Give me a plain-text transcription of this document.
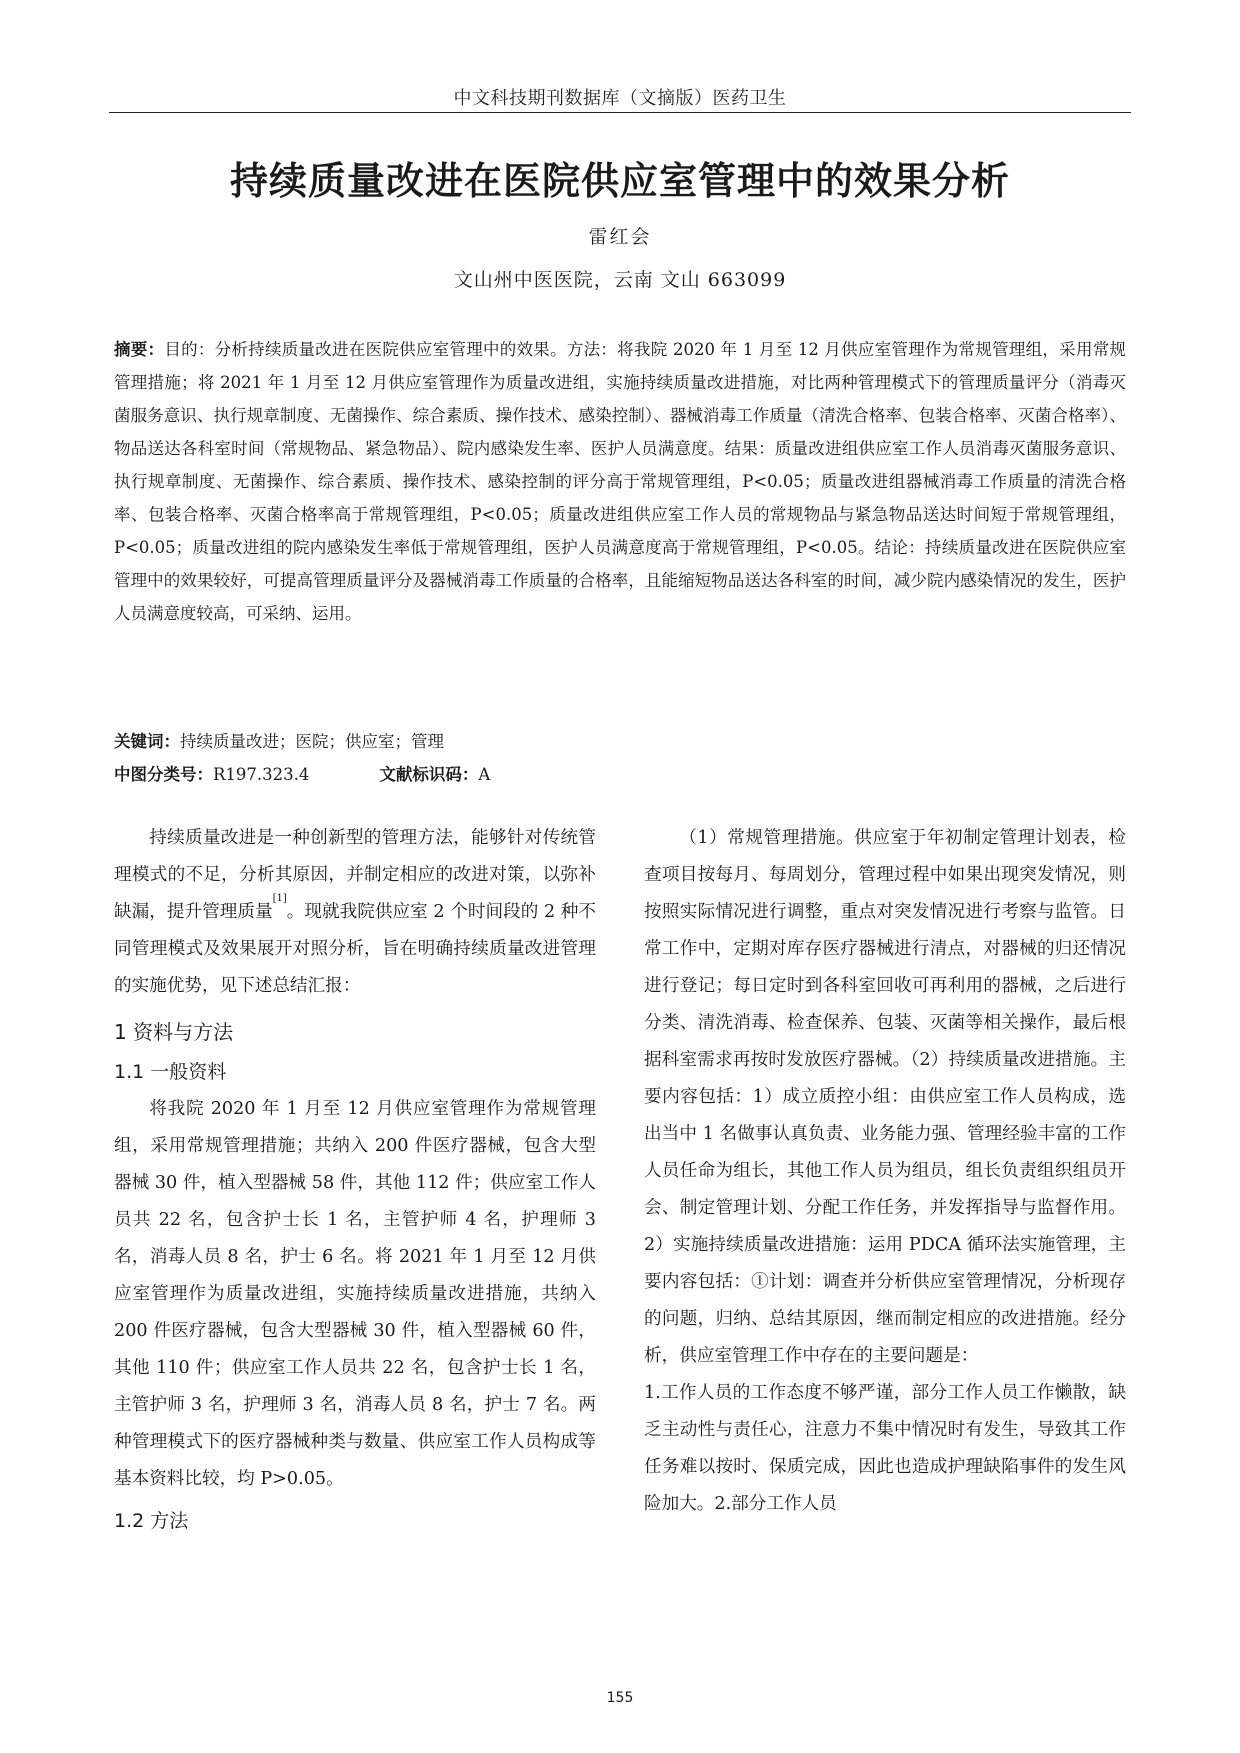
中文科技期刊数据库（文摘版）医药卫生
持续质量改进在医院供应室管理中的效果分析
雷红会
文山州中医医院，云南 文山 663099
摘要：目的：分析持续质量改进在医院供应室管理中的效果。方法：将我院 2020 年 1 月至 12 月供应室管理作为常规管理组，采用常规管理措施；将 2021 年 1 月至 12 月供应室管理作为质量改进组，实施持续质量改进措施，对比两种管理模式下的管理质量评分（消毒灭菌服务意识、执行规章制度、无菌操作、综合素质、操作技术、感染控制）、器械消毒工作质量（清洗合格率、包装合格率、灭菌合格率）、物品送达各科室时间（常规物品、紧急物品）、院内感染发生率、医护人员满意度。结果：质量改进组供应室工作人员消毒灭菌服务意识、执行规章制度、无菌操作、综合素质、操作技术、感染控制的评分高于常规管理组，P<0.05；质量改进组器械消毒工作质量的清洗合格率、包装合格率、灭菌合格率高于常规管理组，P<0.05；质量改进组供应室工作人员的常规物品与紧急物品送达时间短于常规管理组，P<0.05；质量改进组的院内感染发生率低于常规管理组，医护人员满意度高于常规管理组，P<0.05。结论：持续质量改进在医院供应室管理中的效果较好，可提高管理质量评分及器械消毒工作质量的合格率，且能缩短物品送达各科室的时间，减少院内感染情况的发生，医护人员满意度较高，可采纳、运用。
关键词：持续质量改进；医院；供应室；管理
中图分类号：R197.323.4	文献标识码：A

持续质量改进是一种创新型的管理方法，能够针对传统管理模式的不足，分析其原因，并制定相应的改进对策，以弥补缺漏，提升管理质量[1]。现就我院供应室 2 个时间段的 2 种不同管理模式及效果展开对照分析，旨在明确持续质量改进管理的实施优势，见下述总结汇报：

1 资料与方法
1.1 一般资料

将我院 2020 年 1 月至 12 月供应室管理作为常规管理组，采用常规管理措施；共纳入 200 件医疗器械，包含大型器械 30 件，植入型器械 58 件，其他 112 件；供应室工作人员共 22 名，包含护士长 1 名，主管护师 4 名，护理师 3 名，消毒人员 8 名，护士 6 名。将 2021 年 1 月至 12 月供应室管理作为质量改进组，实施持续质量改进措施，共纳入 200 件医疗器械，包含大型器械 30 件，植入型器械 60 件，其他 110 件；供应室工作人员共 22 名，包含护士长 1 名，主管护师 3 名，护理师 3 名，消毒人员 8 名，护士 7 名。两种管理模式下的医疗器械种类与数量、供应室工作人员构成等基本资料比较，均 P>0.05。

1.2 方法

（1）常规管理措施。供应室于年初制定管理计划表，检查项目按每月、每周划分，管理过程中如果出现突发情况，则按照实际情况进行调整，重点对突发情况进行考察与监管。日常工作中，定期对库存医疗器械进行清点，对器械的归还情况进行登记；每日定时到各科室回收可再利用的器械，之后进行分类、清洗消毒、检查保养、包装、灭菌等相关操作，最后根据科室需求再按时发放医疗器械。（2）持续质量改进措施。主要内容包括：1）成立质控小组：由供应室工作人员构成，选出当中 1 名做事认真负责、业务能力强、管理经验丰富的工作人员任命为组长，其他工作人员为组员，组长负责组织组员开会、制定管理计划、分配工作任务，并发挥指导与监督作用。2）实施持续质量改进措施：运用 PDCA 循环法实施管理，主要内容包括：①计划：调查并分析供应室管理情况，分析现存的问题，归纳、总结其原因，继而制定相应的改进措施。经分析，供应室管理工作中存在的主要问题是：

1.工作人员的工作态度不够严谨，部分工作人员工作懒散，缺乏主动性与责任心，注意力不集中情况时有发生，导致其工作任务难以按时、保质完成，因此也造成护理缺陷事件的发生风险加大。2.部分工作人员

155
